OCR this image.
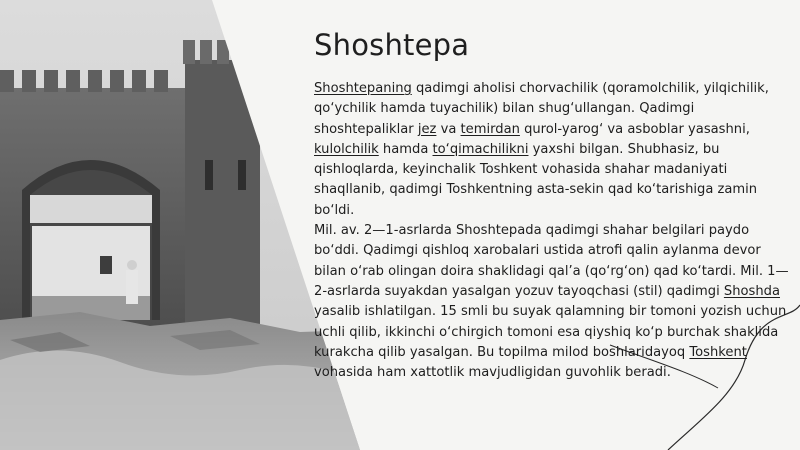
Shoshtepa

Shoshtepaning qadimgi aholisi chorvachilik (qoramolchilik, yilqichilik, qo‘ychilik hamda tuyachilik) bilan shug‘ullangan. Qadimgi shoshtepaliklar jez va temirdan qurol-yarog‘ va asboblar yasashni, kulolchilik hamda to‘qimachilikni yaxshi bilgan. Shubhasiz, bu qishloqlarda, keyinchalik Toshkent vohasida shahar madaniyati shaqllanib, qadimgi Toshkentning asta-sekin qad ko‘tarishiga zamin bo‘ldi.

Mil. av. 2—1-asrlarda Shoshtepada qadimgi shahar belgilari paydo bo‘ddi. Qadimgi qishloq xarobalari ustida atrofi qalin aylanma devor bilan o‘rab olingan doira shaklidagi qal’a (qo‘rg‘on) qad ko‘tardi. Mil. 1—2-asrlarda suyakdan yasalgan yozuv tayoqchasi (stil) qadimgi Shoshda yasalib ishlatilgan. 15 smli bu suyak qalamning bir tomoni yozish uchun uchli qilib, ikkinchi o‘chirgich tomoni esa qiyshiq ko‘p burchak shaklida kurakcha qilib yasalgan. Bu topilma milod boshlaridayoq Toshkent vohasida ham xattotlik mavjudligidan guvohlik beradi.
